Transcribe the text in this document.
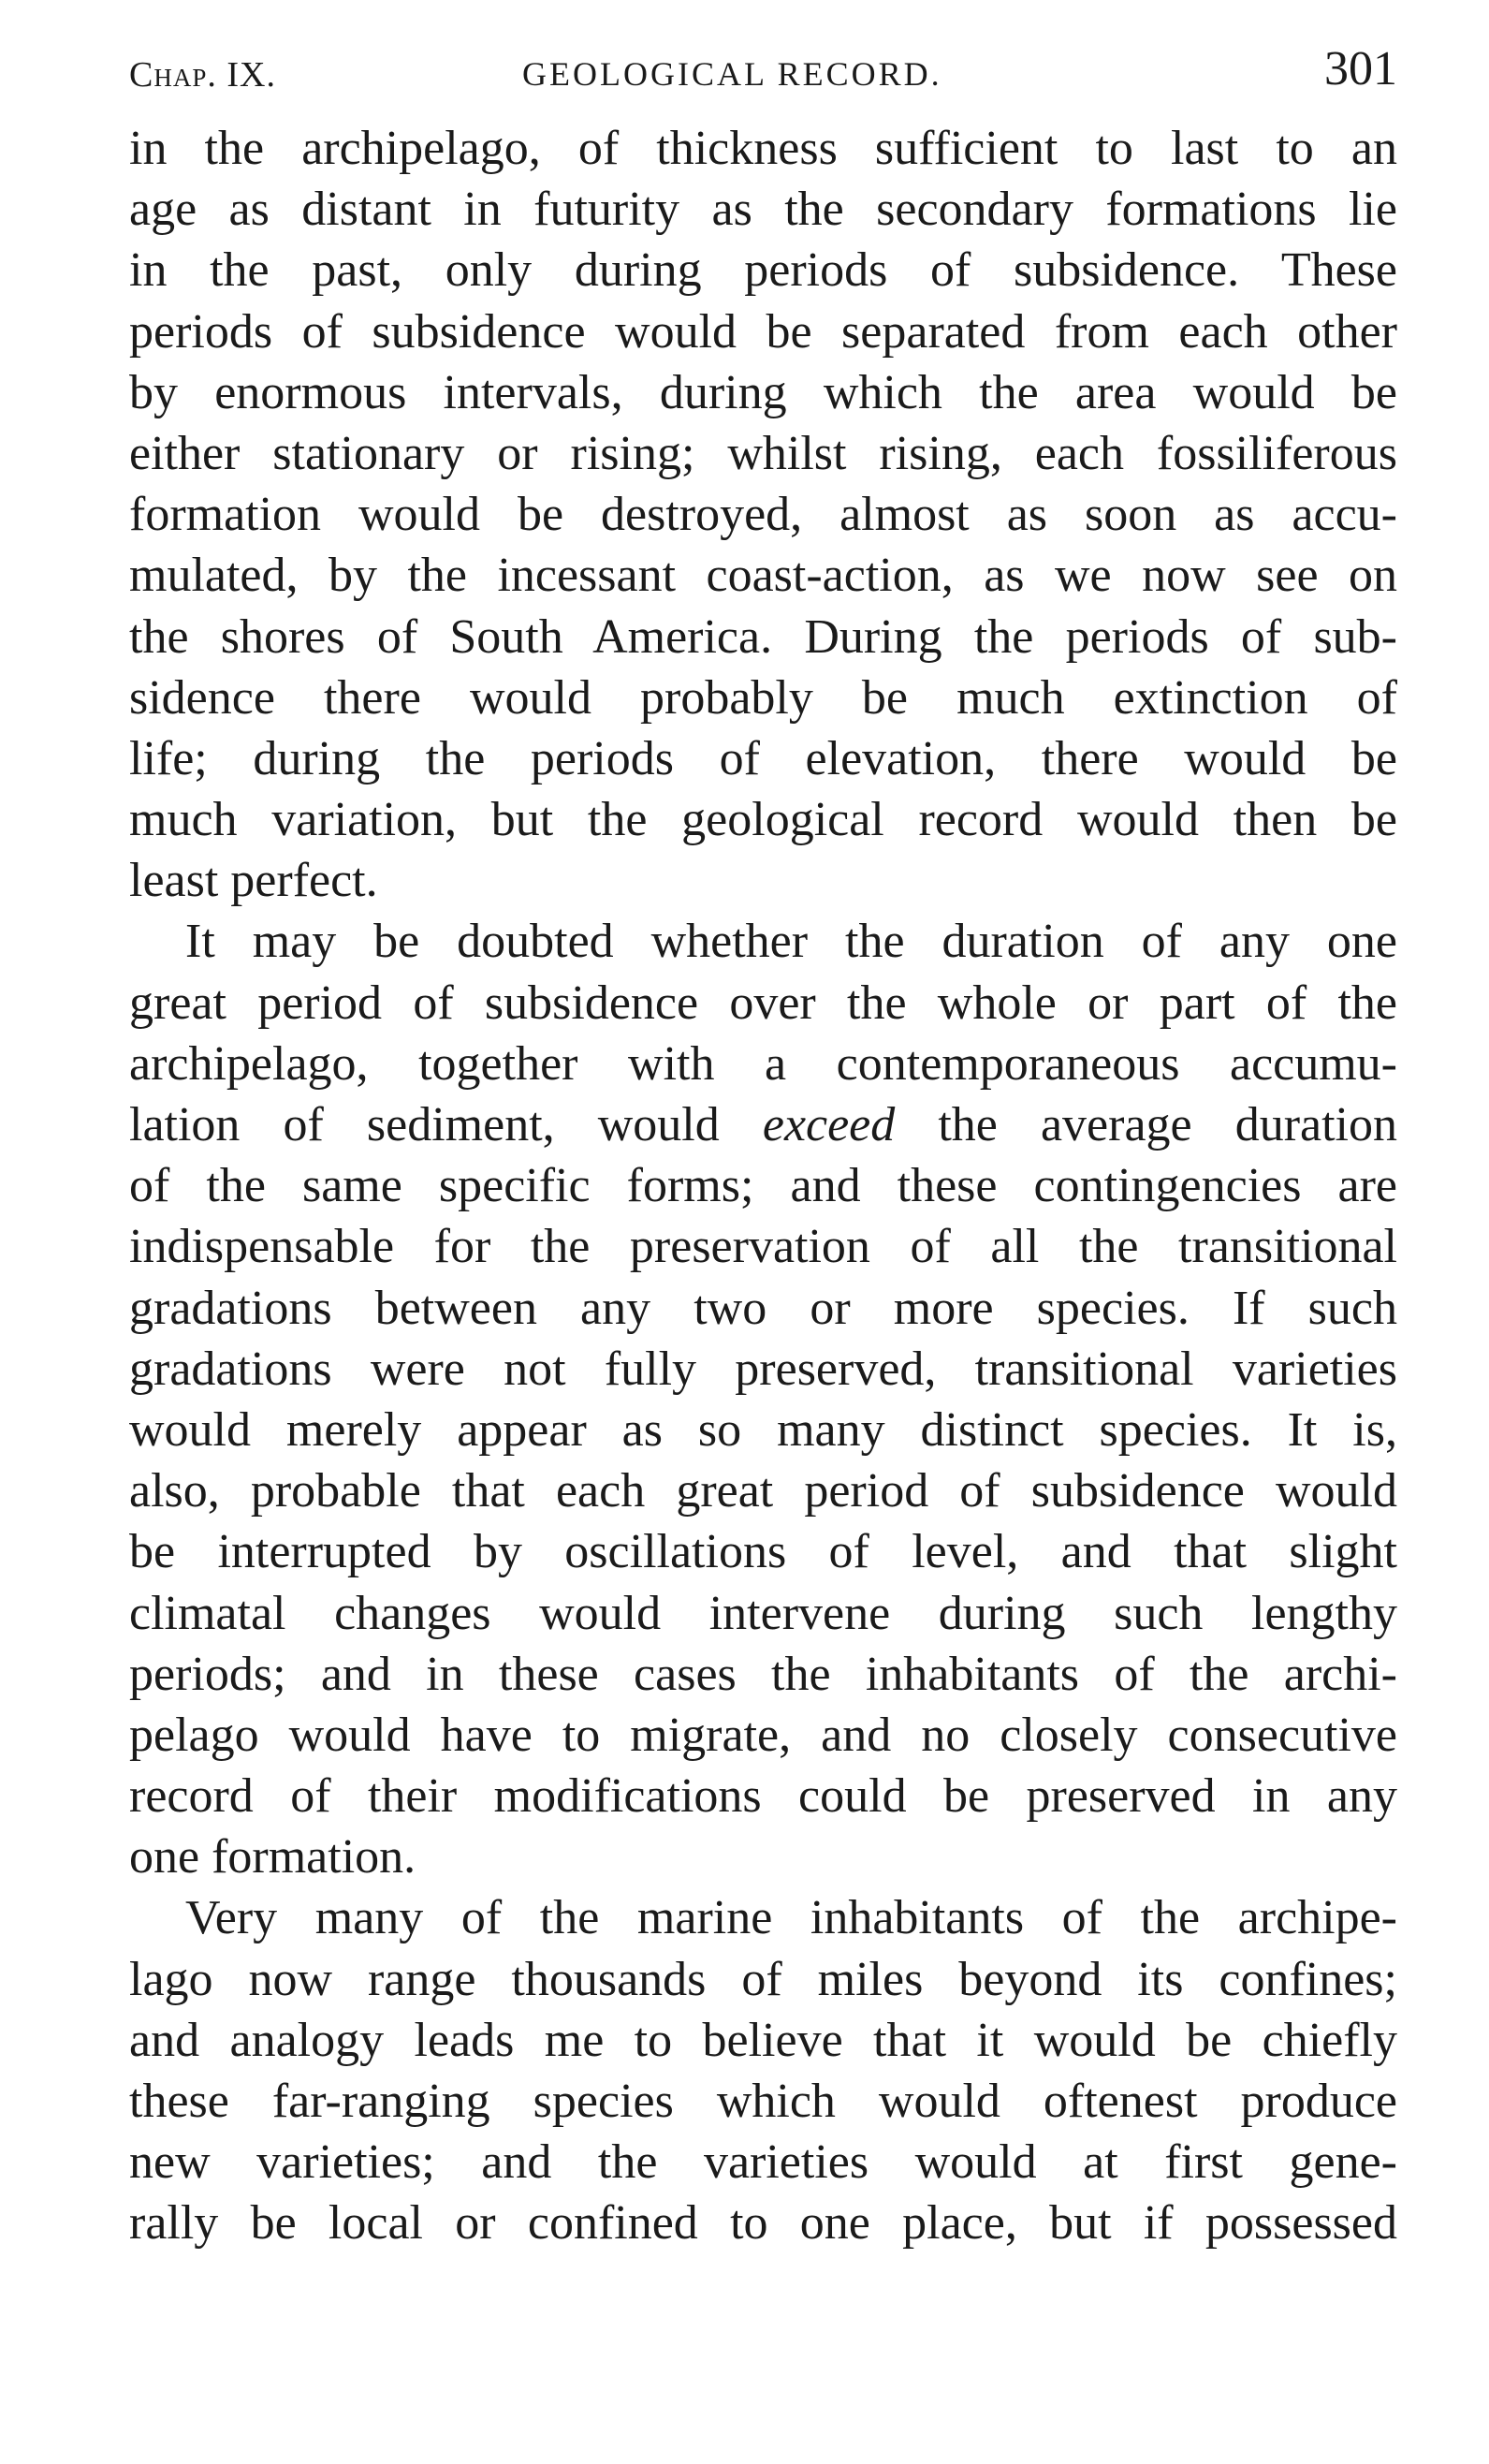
Chap. IX.	GEOLOGICAL RECORD.	301
in the archipelago, of thickness sufficient to last to an
age as distant in futurity as the secondary formations lie
in the past, only during periods of subsidence. These
periods of subsidence would be separated from each other
by enormous intervals, during which the area would be
either stationary or rising; whilst rising, each fossiliferous
formation would be destroyed, almost as soon as accu-
mulated, by the incessant coast-action, as we now see on
the shores of South America. During the periods of sub-
sidence there would probably be much extinction of
life; during the periods of elevation, there would be
much variation, but the geological record would then be
least perfect.
It may be doubted whether the duration of any one
great period of subsidence over the whole or part of the
archipelago, together with a contemporaneous accumu-
lation of sediment, would exceed the average duration
of the same specific forms; and these contingencies are
indispensable for the preservation of all the transitional
gradations between any two or more species. If such
gradations were not fully preserved, transitional varieties
would merely appear as so many distinct species. It is,
also, probable that each great period of subsidence would
be interrupted by oscillations of level, and that slight
climatal changes would intervene during such lengthy
periods; and in these cases the inhabitants of the archi-
pelago would have to migrate, and no closely consecutive
record of their modifications could be preserved in any
one formation.
Very many of the marine inhabitants of the archipe-
lago now range thousands of miles beyond its confines;
and analogy leads me to believe that it would be chiefly
these far-ranging species which would oftenest produce
new varieties; and the varieties would at first gene-
rally be local or confined to one place, but if possessed
